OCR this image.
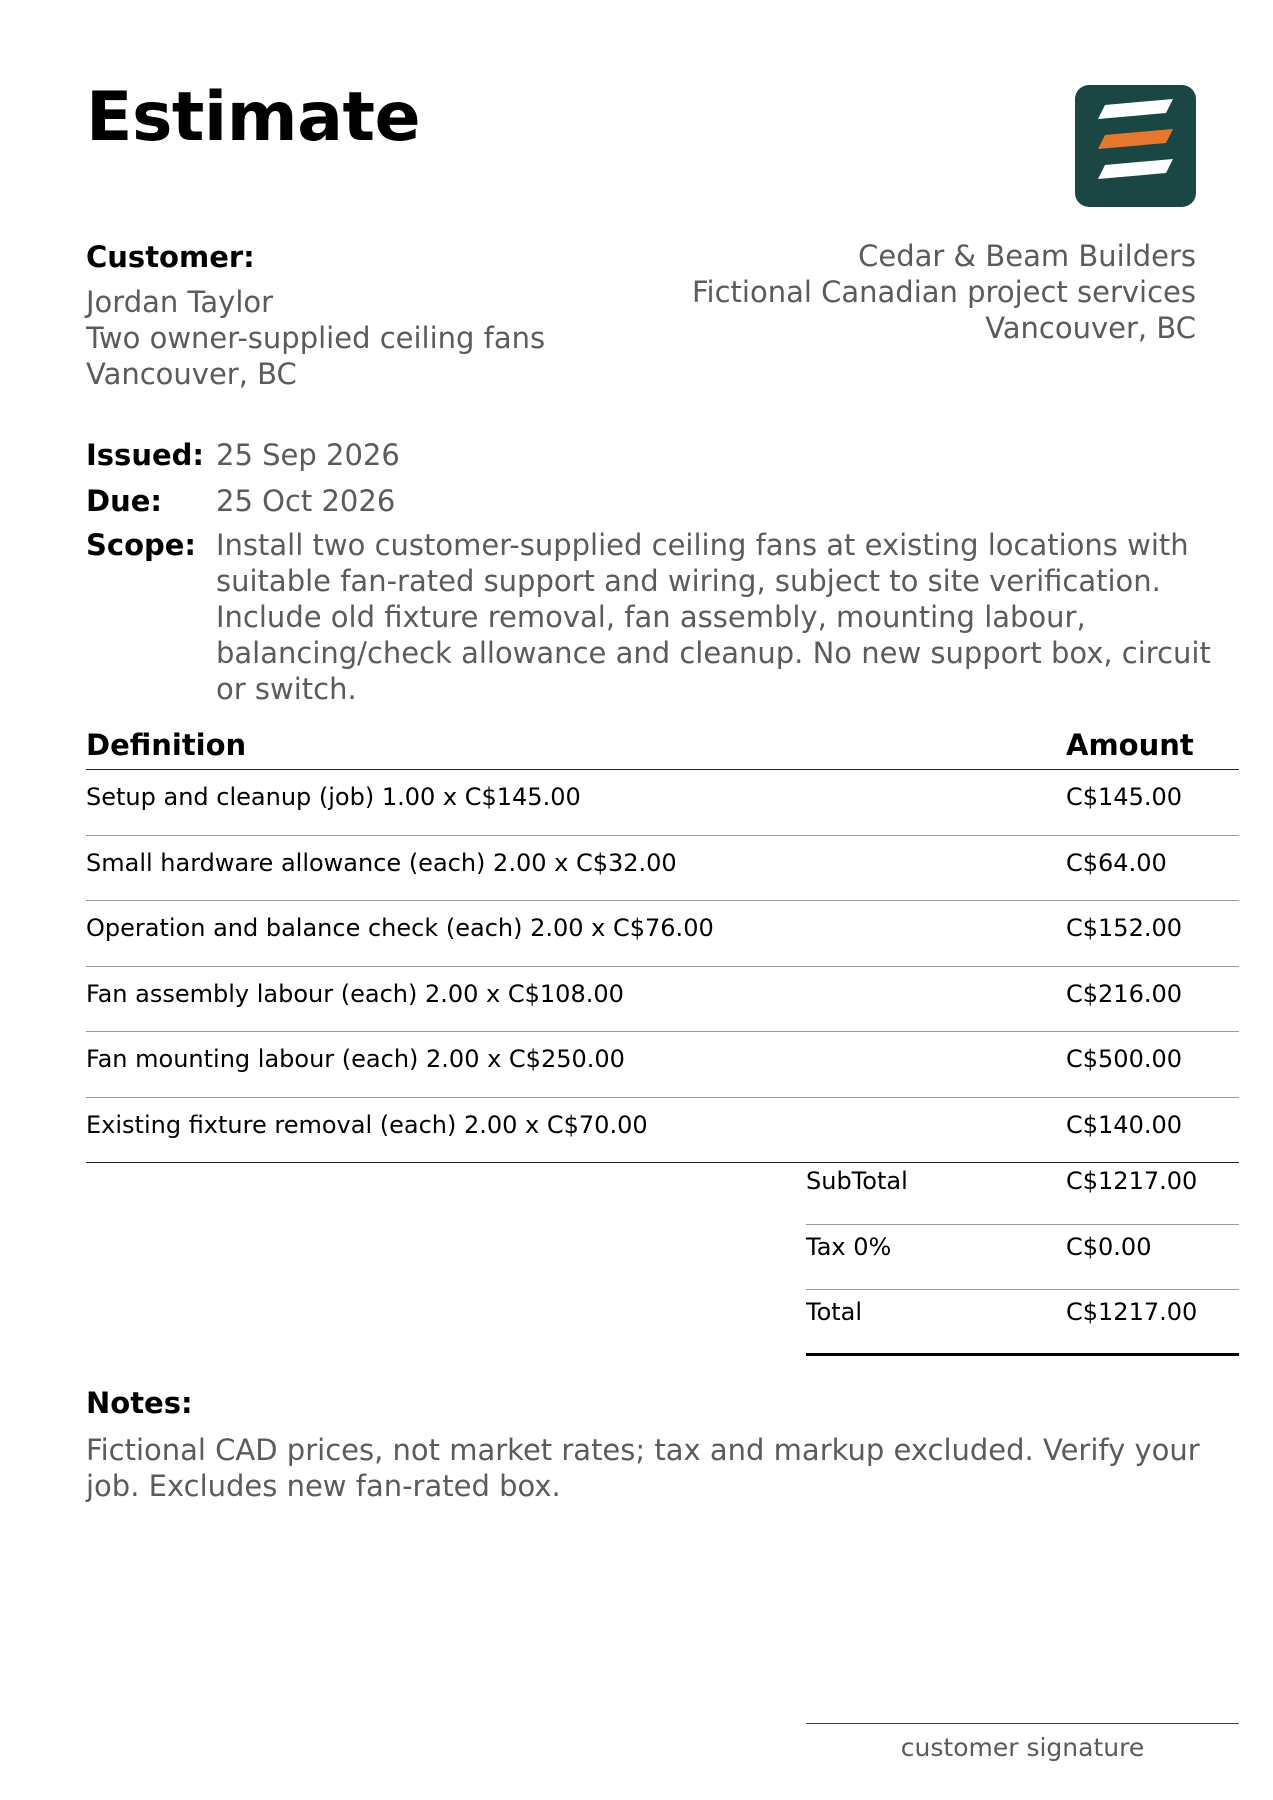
Estimate
Customer:
Jordan Taylor
Two owner-supplied ceiling fans
Vancouver, BC
Cedar & Beam Builders
Fictional Canadian project services
Vancouver, BC
Issued: 25 Sep 2026
Due: 25 Oct 2026
Scope: Install two customer-supplied ceiling fans at existing locations with suitable fan-rated support and wiring, subject to site verification. Include old fixture removal, fan assembly, mounting labour, balancing/check allowance and cleanup. No new support box, circuit or switch.
Definition	Amount
Setup and cleanup (job) 1.00 x C$145.00	C$145.00
Small hardware allowance (each) 2.00 x C$32.00	C$64.00
Operation and balance check (each) 2.00 x C$76.00	C$152.00
Fan assembly labour (each) 2.00 x C$108.00	C$216.00
Fan mounting labour (each) 2.00 x C$250.00	C$500.00
Existing fixture removal (each) 2.00 x C$70.00	C$140.00
SubTotal	C$1217.00
Tax 0%	C$0.00
Total	C$1217.00
Notes:
Fictional CAD prices, not market rates; tax and markup excluded. Verify your job. Excludes new fan-rated box.
customer signature
